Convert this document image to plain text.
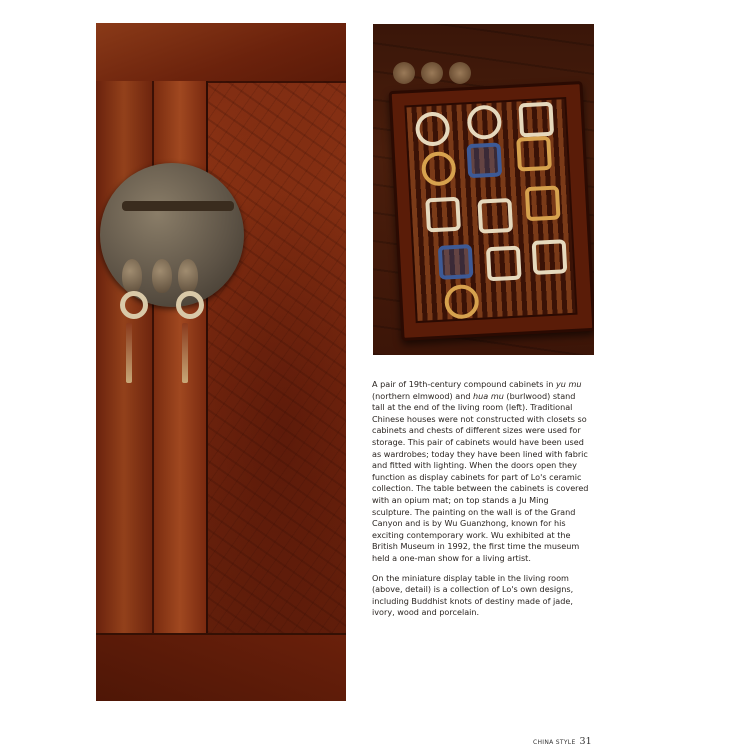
A pair of 19th-century compound cabinets in yu mu (northern elmwood) and hua mu (burlwood) stand tall at the end of the living room (left). Traditional Chinese houses were not constructed with closets so cabinets and chests of different sizes were used for storage. This pair of cabinets would have been used as wardrobes; today they have been lined with fabric and fitted with lighting. When the doors open they function as display cabinets for part of Lo's ceramic collection. The table between the cabinets is covered with an opium mat; on top stands a Ju Ming sculpture. The painting on the wall is of the Grand Canyon and is by Wu Guanzhong, known for his exciting contemporary work. Wu exhibited at the British Museum in 1992, the first time the museum held a one-man show for a living artist.

On the miniature display table in the living room (above, detail) is a collection of Lo's own designs, including Buddhist knots of destiny made of jade, ivory, wood and porcelain.

CHINA STYLE 31
